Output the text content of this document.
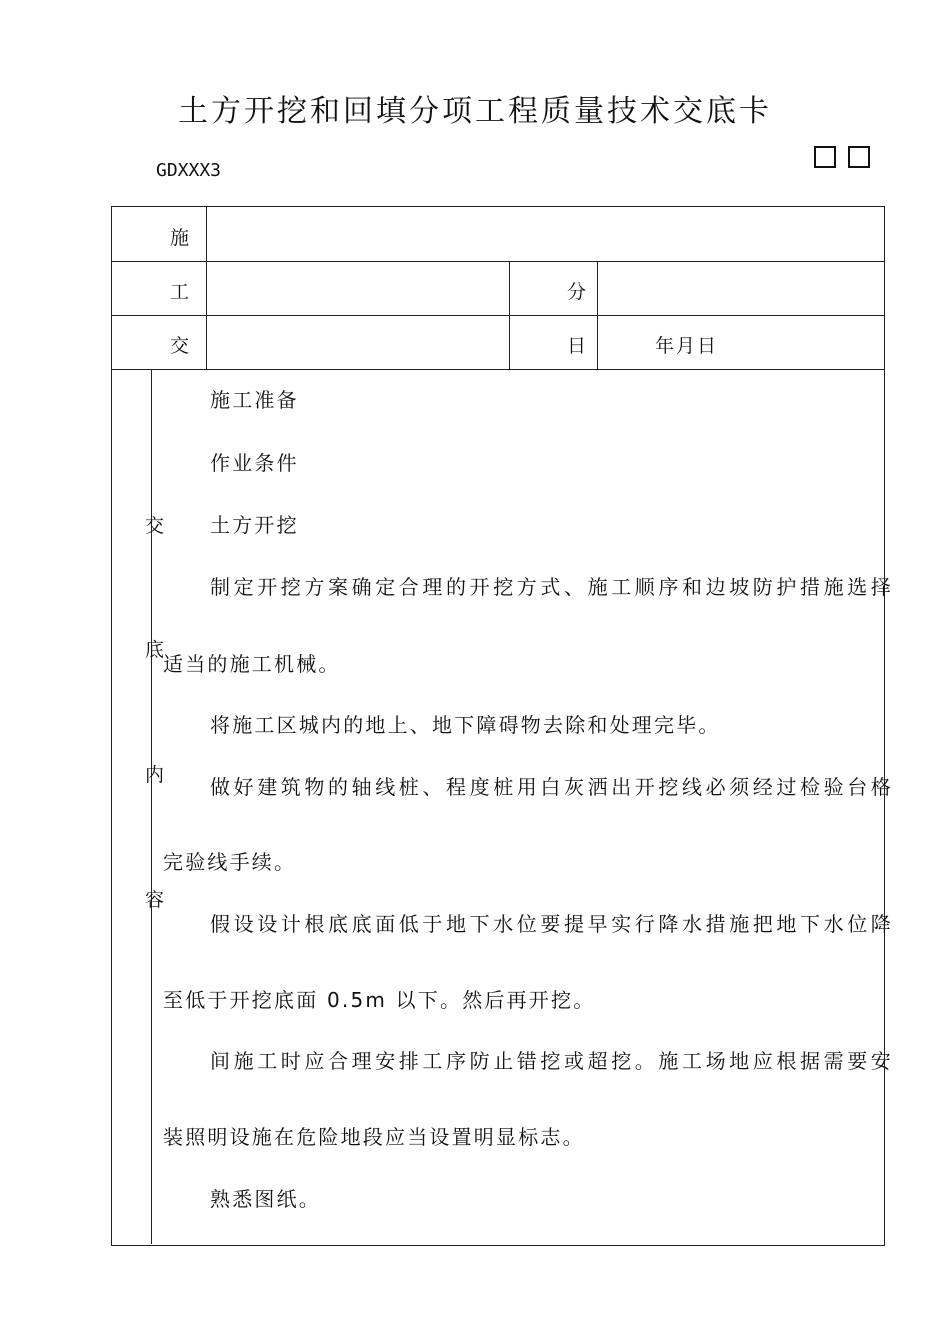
土方开挖和回填分项工程质量技术交底卡
GDXXX3
施
工	分
交	日	年月日
交
底
内
容
施工准备
作业条件
土方开挖
制定开挖方案确定合理的开挖方式、施工顺序和边坡防护措施选择
适当的施工机械。
将施工区城内的地上、地下障碍物去除和处理完毕。
做好建筑物的轴线桩、程度桩用白灰洒出开挖线必须经过检验台格
完验线手续。
假设设计根底底面低于地下水位要提早实行降水措施把地下水位降
至低于开挖底面 0.5m 以下。然后再开挖。
间施工时应合理安排工序防止错挖或超挖。施工场地应根据需要安
装照明设施在危险地段应当设置明显标志。
熟悉图纸。
